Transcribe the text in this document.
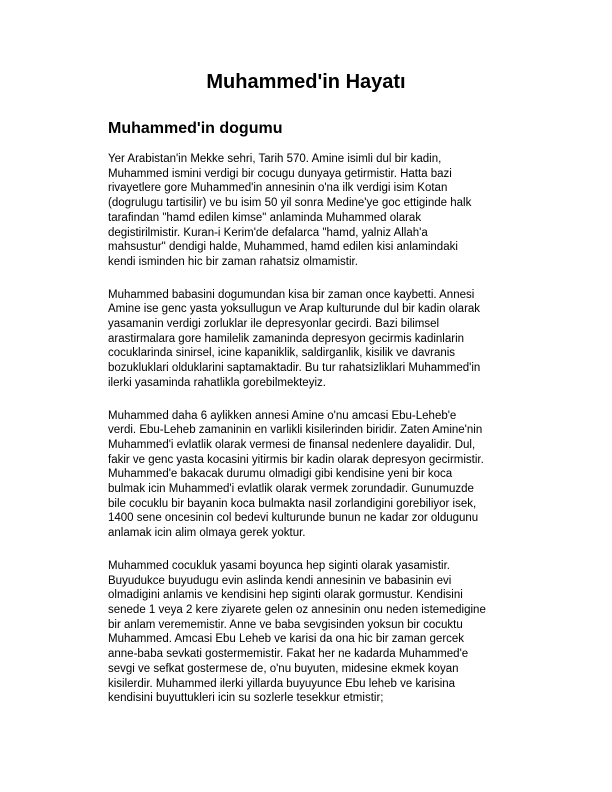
Muhammed'in Hayatı
Muhammed'in dogumu

Yer Arabistan'in Mekke sehri, Tarih 570. Amine isimli dul bir kadin,
Muhammed ismini verdigi bir cocugu dunyaya getirmistir. Hatta bazi
rivayetlere gore Muhammed'in annesinin o'na ilk verdigi isim Kotan
(dogrulugu tartisilir) ve bu isim 50 yil sonra Medine'ye goc ettiginde halk
tarafindan "hamd edilen kimse" anlaminda Muhammed olarak
degistirilmistir. Kuran-i Kerim'de defalarca "hamd, yalniz Allah'a
mahsustur" dendigi halde, Muhammed, hamd edilen kisi anlamindaki
kendi isminden hic bir zaman rahatsiz olmamistir.

Muhammed babasini dogumundan kisa bir zaman once kaybetti. Annesi
Amine ise genc yasta yoksullugun ve Arap kulturunde dul bir kadin olarak
yasamanin verdigi zorluklar ile depresyonlar gecirdi. Bazi bilimsel
arastirmalara gore hamilelik zamaninda depresyon gecirmis kadinlarin
cocuklarinda sinirsel, icine kapaniklik, saldirganlik, kisilik ve davranis
bozukluklari olduklarini saptamaktadir. Bu tur rahatsizliklari Muhammed'in
ilerki yasaminda rahatlikla gorebilmekteyiz.

Muhammed daha 6 aylikken annesi Amine o'nu amcasi Ebu-Leheb'e
verdi. Ebu-Leheb zamaninin en varlikli kisilerinden biridir. Zaten Amine'nin
Muhammed'i evlatlik olarak vermesi de finansal nedenlere dayalidir. Dul,
fakir ve genc yasta kocasini yitirmis bir kadin olarak depresyon gecirmistir.
Muhammed'e bakacak durumu olmadigi gibi kendisine yeni bir koca
bulmak icin Muhammed'i evlatlik olarak vermek zorundadir. Gunumuzde
bile cocuklu bir bayanin koca bulmakta nasil zorlandigini gorebiliyor isek,
1400 sene oncesinin col bedevi kulturunde bunun ne kadar zor oldugunu
anlamak icin alim olmaya gerek yoktur.

Muhammed cocukluk yasami boyunca hep siginti olarak yasamistir.
Buyudukce buyudugu evin aslinda kendi annesinin ve babasinin evi
olmadigini anlamis ve kendisini hep siginti olarak gormustur. Kendisini
senede 1 veya 2 kere ziyarete gelen oz annesinin onu neden istemedigine
bir anlam verememistir. Anne ve baba sevgisinden yoksun bir cocuktu
Muhammed. Amcasi Ebu Leheb ve karisi da ona hic bir zaman gercek
anne-baba sevkati gostermemistir. Fakat her ne kadarda Muhammed'e
sevgi ve sefkat gostermese de, o'nu buyuten, midesine ekmek koyan
kisilerdir. Muhammed ilerki yillarda buyuyunce Ebu leheb ve karisina
kendisini buyuttukleri icin su sozlerle tesekkur etmistir;
